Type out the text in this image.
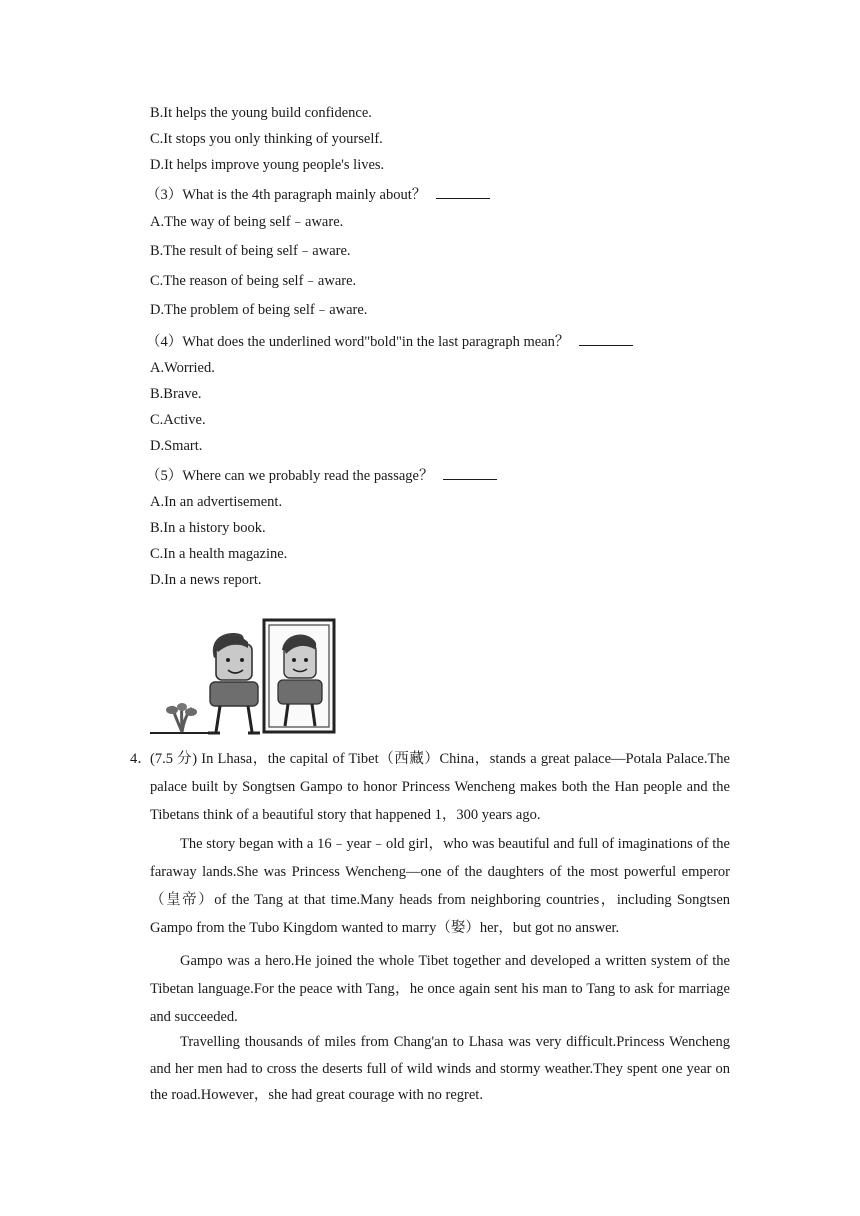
B.It helps the young build confidence.
C.It stops you only thinking of yourself.
D.It helps improve young people's lives.
（3）What is the 4th paragraph mainly about？
A.The way of being self﹣aware.
B.The result of being self﹣aware.
C.The reason of being self﹣aware.
D.The problem of being self﹣aware.
（4）What does the underlined word"bold"in the last paragraph mean？
A.Worried.
B.Brave.
C.Active.
D.Smart.
（5）Where can we probably read the passage？
A.In an advertisement.
B.In a history book.
C.In a health magazine.
D.In a news report.
4．
(7.5 分) In Lhasa，the capital of Tibet（西藏）China，stands a great palace—Potala Palace.The palace built by Songtsen Gampo to honor Princess Wencheng makes both the Han people and the Tibetans think of a beautiful story that happened 1，300 years ago.
The story began with a 16﹣year﹣old girl，who was beautiful and full of imaginations of the faraway lands.She was Princess Wencheng—one of the daughters of the most powerful emperor（皇帝）of the Tang at that time.Many heads from neighboring countries，including Songtsen Gampo from the Tubo Kingdom wanted to marry（娶）her，but got no answer.
Gampo was a hero.He joined the whole Tibet together and developed a written system of the Tibetan language.For the peace with Tang，he once again sent his man to Tang to ask for marriage and succeeded.
Travelling thousands of miles from Chang'an to Lhasa was very difficult.Princess Wencheng and her men had to cross the deserts full of wild winds and stormy weather.They spent one year on the road.However，she had great courage with no regret.
